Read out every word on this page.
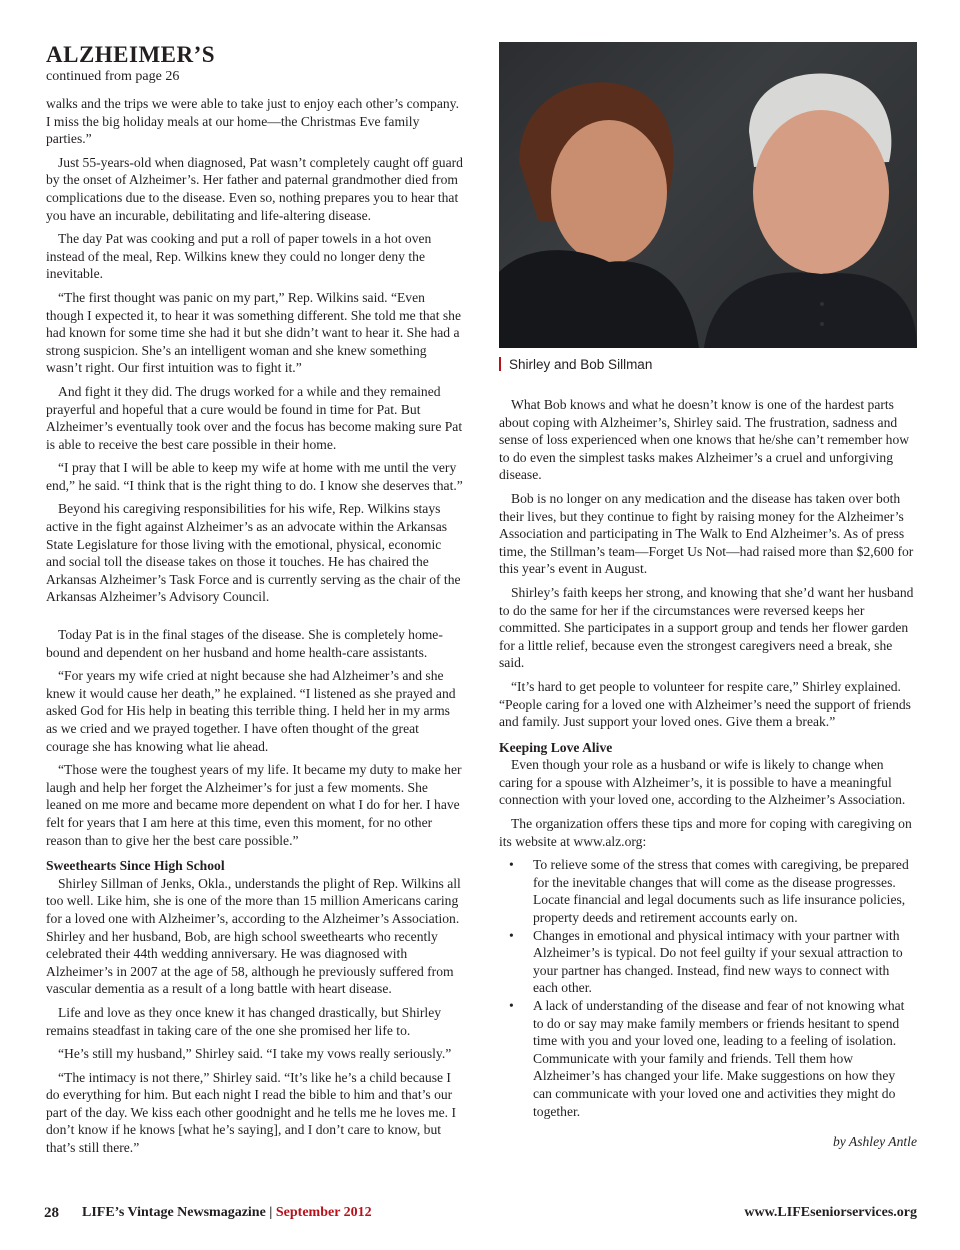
ALZHEIMER’S
continued from page 26

walks and the trips we were able to take just to enjoy each other’s company. I miss the big holiday meals at our home—the Christmas Eve family parties.”

Just 55-years-old when diagnosed, Pat wasn’t completely caught off guard by the onset of Alzheimer’s. Her father and paternal grandmother died from complications due to the disease. Even so, nothing prepares you to hear that you have an incurable, debilitating and life-altering disease.

The day Pat was cooking and put a roll of paper towels in a hot oven instead of the meal, Rep. Wilkins knew they could no longer deny the inevitable.

“The first thought was panic on my part,” Rep. Wilkins said. “Even though I expected it, to hear it was something different. She told me that she had known for some time she had it but she didn’t want to hear it. She had a strong suspicion. She’s an intelligent woman and she knew something wasn’t right. Our first intuition was to fight it.”

And fight it they did. The drugs worked for a while and they remained prayerful and hopeful that a cure would be found in time for Pat. But Alzheimer’s eventually took over and the focus has become making sure Pat is able to receive the best care possible in their home.

“I pray that I will be able to keep my wife at home with me until the very end,” he said. “I think that is the right thing to do. I know she deserves that.”

Beyond his caregiving responsibilities for his wife, Rep. Wilkins stays active in the fight against Alzheimer’s as an advocate within the Arkansas State Legislature for those living with the emotional, physical, economic and social toll the disease takes on those it touches. He has chaired the Arkansas Alzheimer’s Task Force and is currently serving as the chair of the Arkansas Alzheimer’s Advisory Council.

Today Pat is in the final stages of the disease. She is completely home-bound and dependent on her husband and home health-care assistants.

“For years my wife cried at night because she had Alzheimer’s and she knew it would cause her death,” he explained. “I listened as she prayed and asked God for His help in beating this terrible thing. I held her in my arms as we cried and we prayed together. I have often thought of the great courage she has knowing what lie ahead.

“Those were the toughest years of my life. It became my duty to make her laugh and help her forget the Alzheimer’s for just a few moments. She leaned on me more and became more dependent on what I do for her. I have felt for years that I am here at this time, even this moment, for no other reason than to give her the best care possible.”

Sweethearts Since High School

Shirley Sillman of Jenks, Okla., understands the plight of Rep. Wilkins all too well. Like him, she is one of the more than 15 million Americans caring for a loved one with Alzheimer’s, according to the Alzheimer’s Association. Shirley and her husband, Bob, are high school sweethearts who recently celebrated their 44th wedding anniversary. He was diagnosed with Alzheimer’s in 2007 at the age of 58, although he previously suffered from vascular dementia as a result of a long battle with heart disease.

Life and love as they once knew it has changed drastically, but Shirley remains steadfast in taking care of the one she promised her life to.

“He’s still my husband,” Shirley said. “I take my vows really seriously.”

“The intimacy is not there,” Shirley said. “It’s like he’s a child because I do everything for him. But each night I read the bible to him and that’s our part of the day. We kiss each other goodnight and he tells me he loves me. I don’t know if he knows [what he’s saying], and I don’t care to know, but that’s still there.”

Shirley and Bob Sillman

What Bob knows and what he doesn’t know is one of the hardest parts about coping with Alzheimer’s, Shirley said. The frustration, sadness and sense of loss experienced when one knows that he/she can’t remember how to do even the simplest tasks makes Alzheimer’s a cruel and unforgiving disease.

Bob is no longer on any medication and the disease has taken over both their lives, but they continue to fight by raising money for the Alzheimer’s Association and participating in The Walk to End Alzheimer’s. As of press time, the Stillman’s team—Forget Us Not—had raised more than $2,600 for this year’s event in August.

Shirley’s faith keeps her strong, and knowing that she’d want her husband to do the same for her if the circumstances were reversed keeps her committed. She participates in a support group and tends her flower garden for a little relief, because even the strongest caregivers need a break, she said.

“It’s hard to get people to volunteer for respite care,” Shirley explained. “People caring for a loved one with Alzheimer’s need the support of friends and family. Just support your loved ones. Give them a break.”

Keeping Love Alive

Even though your role as a husband or wife is likely to change when caring for a spouse with Alzheimer’s, it is possible to have a meaningful connection with your loved one, according to the Alzheimer’s Association.

The organization offers these tips and more for coping with caregiving on its website at www.alz.org:

• To relieve some of the stress that comes with caregiving, be prepared for the inevitable changes that will come as the disease progresses. Locate financial and legal documents such as life insurance policies, property deeds and retirement accounts early on.
• Changes in emotional and physical intimacy with your partner with Alzheimer’s is typical. Do not feel guilty if your sexual attraction to your partner has changed. Instead, find new ways to connect with each other.
• A lack of understanding of the disease and fear of not knowing what to do or say may make family members or friends hesitant to spend time with you and your loved one, leading to a feeling of isolation. Communicate with your family and friends. Tell them how Alzheimer’s has changed your life. Make suggestions on how they can communicate with your loved one and activities they might do together.
by Ashley Antle
28 LIFE’s Vintage Newsmagazine | September 2012	www.LIFEseniorservices.org
